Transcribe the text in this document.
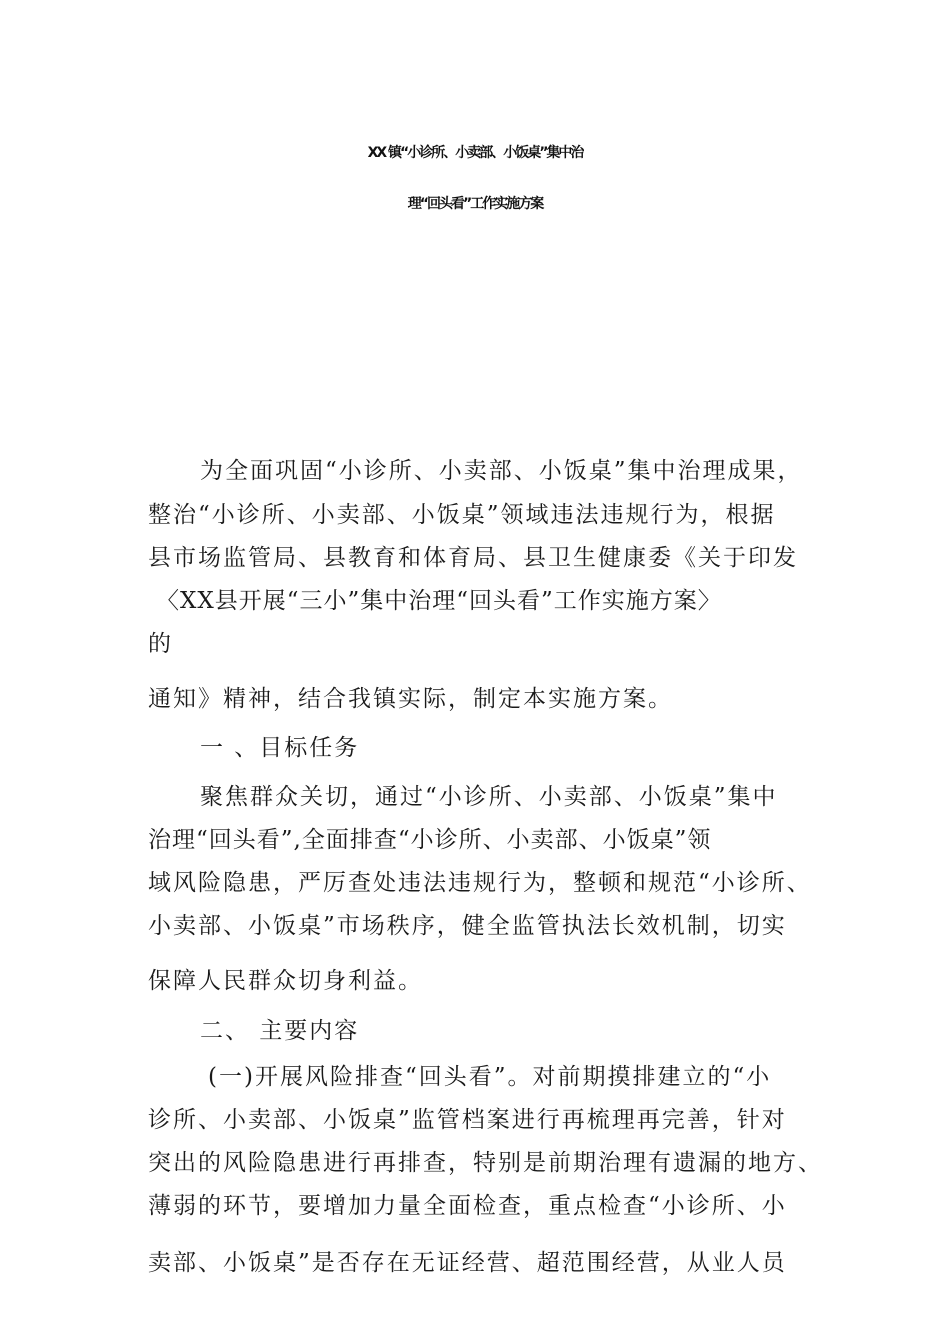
XX 镇“小诊所、小卖部、小饭桌”集中治
理“回头看”工作实施方案
为全面巩固“小诊所、小卖部、小饭桌”集中治理成果，
整治“小诊所、小卖部、小饭桌”领域违法违规行为，根据
县市场监管局、县教育和体育局、县卫生健康委《关于印发
〈XX县开展“三小”集中治理“回头看”工作实施方案〉
的
通知》精神，结合我镇实际，制定本实施方案。
一 、目标任务
聚焦群众关切，通过“小诊所、小卖部、小饭桌”集中
治理“回头看”,全面排查“小诊所、小卖部、小饭桌”领
域风险隐患，严厉查处违法违规行为，整顿和规范“小诊所、
小卖部、小饭桌”市场秩序，健全监管执法长效机制，切实
保障人民群众切身利益。
二、 主要内容
(一)开展风险排查“回头看”。对前期摸排建立的“小
诊所、小卖部、小饭桌”监管档案进行再梳理再完善，针对
突出的风险隐患进行再排查，特别是前期治理有遗漏的地方、
薄弱的环节，要增加力量全面检查，重点检查“小诊所、小
卖部、小饭桌”是否存在无证经营、超范围经营，从业人员
